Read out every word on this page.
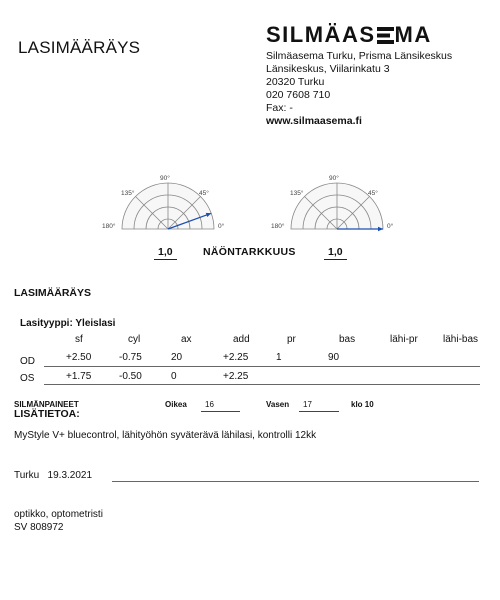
LASIMÄÄRÄYS
SILMÄAS MA
Silmäasema Turku, Prisma Länsikeskus
Länsikeskus, Viilarinkatu 3
20320 Turku
020 7608 710
Fax: -
www.silmaasema.fi
90°
45°
135°
180°	0°
90°
45°
135°
180°	0°
1,0	NÄÖNTARKKUUS	1,0
LASIMÄÄRÄYS
Lasityyppi: Yleislasi
sf	cyl	ax	add	pr	bas	lähi-pr	lähi-bas
OD	+2.50	-0.75	20	+2.25	1	90
OS	+1.75	-0.50	0	+2.25
SILMÄNPAINEET	Oikea 16	Vasen 17	klo 10
LISÄTIETOA:
MyStyle V+ bluecontrol, lähityöhön syväterävä lähilasi, kontrolli 12kk
Turku 19.3.2021
optikko, optometristi
SV 808972
